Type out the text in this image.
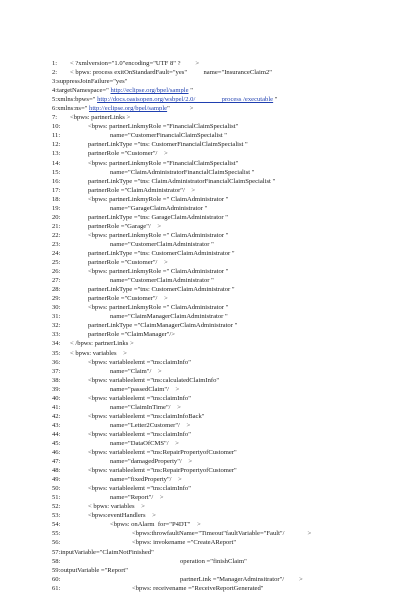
1: < ?xmlversion="1.0"encoding="UTF 8" ?         >
2: < bpws: process exitOnStandardFault="yes"          name="InsuranceClaim2"
3:suppressJoinFailure="yes"
4:targetNamespace=" http://eclipse.org/bpel/sample "
5:xmlns:bpws=" http://docs.oasisopen.org/wsbpel/2.0/                process /executable "
6:xmlns:ns=" http://eclipse.org/bpel/sample"            >
7: <bpws: partnerLinks >
10:	<bpws: partnerLinkmyRole ="FinancialClaimSpecialist"
11:	name="CustomerFinancialClaimSpecialist "
12:	partnerLinkType ="tns: CustomerFinancialClaimSpecialist "
13:	partnerRole ="Customer"/    >
14:	<bpws: partnerLinkmyRole ="FinancialClaimSpecialist"
15:	name="ClaimAdministratorFinancialClaimSpecialist "
16:	partnerLinkType ="tns: ClaimAdministratorFinancialClaimSpecialist "
17:	partnerRole ="ClaimAdministrator"/    >
18:	<bpws: partnerLinkmyRole =" ClaimAdministrator "
19:	name="GarageClaimAdministrator "
20:	partnerLinkType ="tns: GarageClaimAdministrator "
21:	partnerRole ="Garage"/    >
22:	<bpws: partnerLinkmyRole =" ClaimAdministrator "
23:	name="CustomerClaimAdministrator "
24:	partnerLinkType ="tns: CustomerClaimAdministrator "
25:	partnerRole ="Customer"/    >
26:	<bpws: partnerLinkmyRole =" ClaimAdministrator "
27:	name="CustomerClaimAdministrator "
28:	partnerLinkType ="tns: CustomerClaimAdministrator "
29:	partnerRole ="Customer"/    >
30:	<bpws: partnerLinkmyRole =" ClaimAdministrator "
31:	name="ClaimManagerClaimAdministrator "
32:	partnerLinkType ="ClaimManagerClaimAdministrator "
33:	partnerRole ="ClaimManager"/>
34: < /bpws: partnerLinks >
35: < bpws: variables    >
36:	<bpws: variableelemt ="tns:claimInfo"
37:	name="Claim"/    >
38:	<bpws: variableelemt ="tns:calculatedClaimInfo"
39:	name="passedClaim"/    >
40:	<bpws: variableelemt ="tns:claimInfo"
41:	name="ClaimInTime"/    >
42:	<bpws: variableelemt ="tns:claimInfoBack"
43:	name="Letter2Customer"/    >
44:	<bpws: variableelemt ="tns:claimInfo"
45:	name="DataOfCMS"/    >
46:	<bpws: variableelemt ="tns:RepairPropertyofCustomer"
47:	name="damagedProperty"/    >
48:	<bpws: variableelemt ="tns:RepairPropertyofCustomer"
49:	name="fixedProperty"/    >
50:	<bpws: variableelemt ="tns:claimInfo"
51:	name="Report"/    >
52:	< bpws: variables    >
53:	<bpws:eventHandlers    >
54:	<bpws: onAlarm  for="P4DT"    >
55:	<bpws:throwfaultName="Timeout"faultVariable="Fault"/              >
56:	<bpws: invokename ="CreateAReport"
57:inputVariable="ClaimNotFinished"
58:	operation ="finishClaim"
59:outputVariable ="Report"
60:	partnerLink ="ManagerAdminsitrator"/         >
61:	<bpws: receivename ="ReceiveReportGenerated"
